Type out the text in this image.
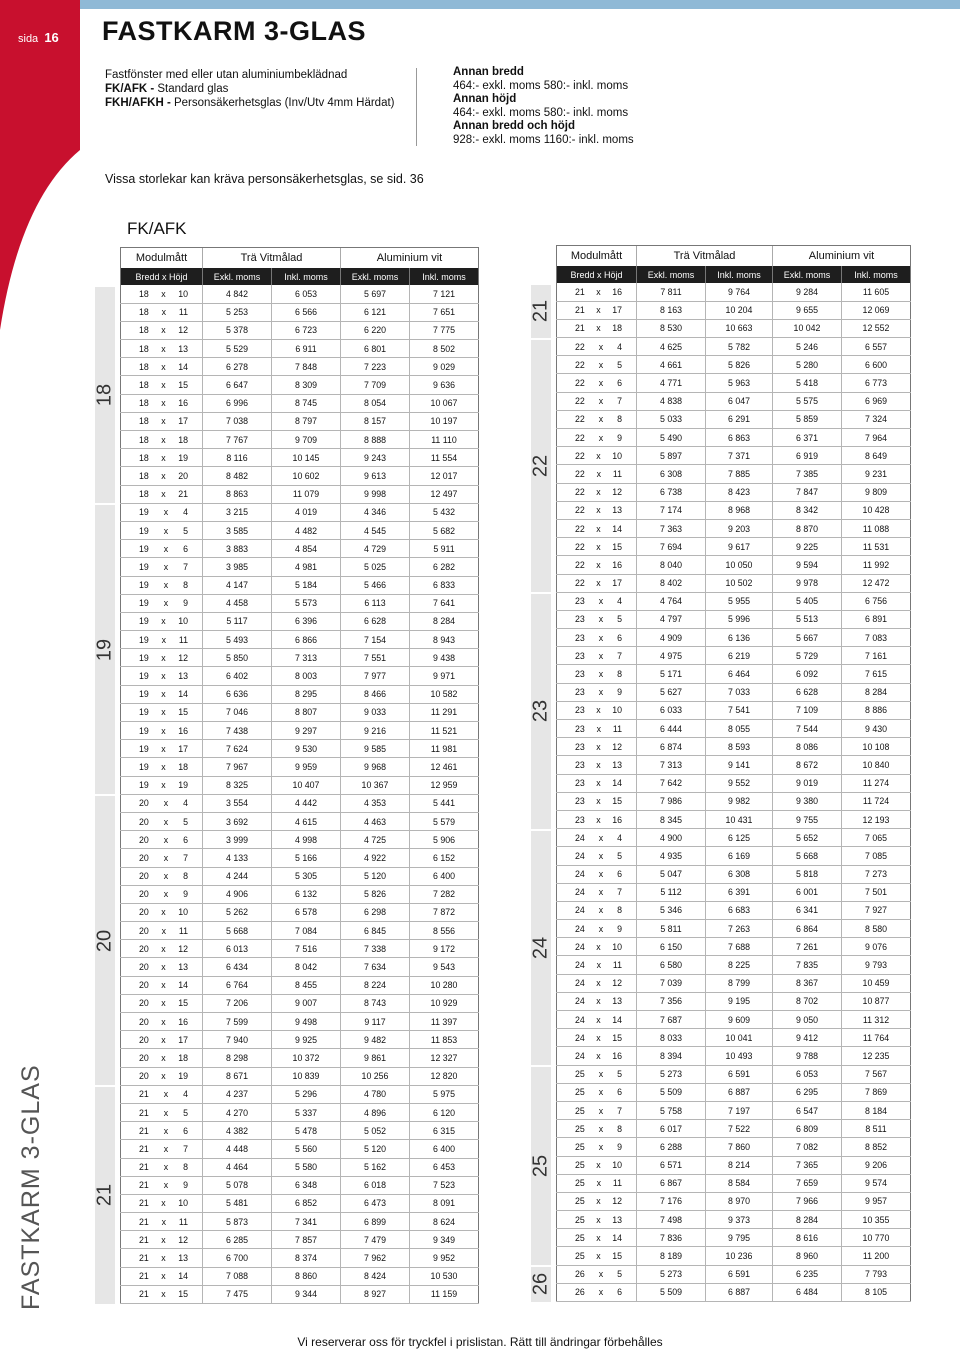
sida 16
FASTKARM 3-GLAS
FASTKARM 3-GLAS
Fastfönster med eller utan aluminiumbeklädnad
FK/AFK - Standard glas
FKH/AFKH - Personsäkerhetsglas (Inv/Utv 4mm Härdat)
Annan bredd
464:- exkl. moms 580:- inkl. moms
Annan höjd
464:- exkl. moms 580:- inkl. moms
Annan bredd och höjd
928:- exkl. moms 1160:- inkl. moms
Vissa storlekar kan kräva personsäkerhetsglas, se sid. 36
FK/AFK
18
19
20
21
21
22
23
24
25
26
Modulmått	Trä Vitmålad		Aluminium vit	
Bredd x Höjd	Exkl. moms	Inkl. moms	Exkl. moms	Inkl. moms

18 x 10	4 842	6 053	5 697	7 121

18 x 11	5 253	6 566	6 121	7 651

18 x 12	5 378	6 723	6 220	7 775

18 x 13	5 529	6 911	6 801	8 502

18 x 14	6 278	7 848	7 223	9 029

18 x 15	6 647	8 309	7 709	9 636

18 x 16	6 996	8 745	8 054	10 067

18 x 17	7 038	8 797	8 157	10 197

18 x 18	7 767	9 709	8 888	11 110

18 x 19	8 116	10 145	9 243	11 554

18 x 20	8 482	10 602	9 613	12 017

18 x 21	8 863	11 079	9 998	12 497

19 x 4	3 215	4 019	4 346	5 432

19 x 5	3 585	4 482	4 545	5 682

19 x 6	3 883	4 854	4 729	5 911

19 x 7	3 985	4 981	5 025	6 282

19 x 8	4 147	5 184	5 466	6 833

19 x 9	4 458	5 573	6 113	7 641

19 x 10	5 117	6 396	6 628	8 284

19 x 11	5 493	6 866	7 154	8 943

19 x 12	5 850	7 313	7 551	9 438

19 x 13	6 402	8 003	7 977	9 971

19 x 14	6 636	8 295	8 466	10 582

19 x 15	7 046	8 807	9 033	11 291

19 x 16	7 438	9 297	9 216	11 521

19 x 17	7 624	9 530	9 585	11 981

19 x 18	7 967	9 959	9 968	12 461

19 x 19	8 325	10 407	10 367	12 959

20 x 4	3 554	4 442	4 353	5 441

20 x 5	3 692	4 615	4 463	5 579

20 x 6	3 999	4 998	4 725	5 906

20 x 7	4 133	5 166	4 922	6 152

20 x 8	4 244	5 305	5 120	6 400

20 x 9	4 906	6 132	5 826	7 282

20 x 10	5 262	6 578	6 298	7 872

20 x 11	5 668	7 084	6 845	8 556

20 x 12	6 013	7 516	7 338	9 172

20 x 13	6 434	8 042	7 634	9 543

20 x 14	6 764	8 455	8 224	10 280

20 x 15	7 206	9 007	8 743	10 929

20 x 16	7 599	9 498	9 117	11 397

20 x 17	7 940	9 925	9 482	11 853

20 x 18	8 298	10 372	9 861	12 327

20 x 19	8 671	10 839	10 256	12 820

21 x 4	4 237	5 296	4 780	5 975

21 x 5	4 270	5 337	4 896	6 120

21 x 6	4 382	5 478	5 052	6 315

21 x 7	4 448	5 560	5 120	6 400

21 x 8	4 464	5 580	5 162	6 453

21 x 9	5 078	6 348	6 018	7 523

21 x 10	5 481	6 852	6 473	8 091

21 x 11	5 873	7 341	6 899	8 624

21 x 12	6 285	7 857	7 479	9 349

21 x 13	6 700	8 374	7 962	9 952

21 x 14	7 088	8 860	8 424	10 530

21 x 15	7 475	9 344	8 927	11 159
Modulmått	Trä Vitmålad		Aluminium vit	
Bredd x Höjd	Exkl. moms	Inkl. moms	Exkl. moms	Inkl. moms

21 x 16	7 811	9 764	9 284	11 605

21 x 17	8 163	10 204	9 655	12 069

21 x 18	8 530	10 663	10 042	12 552

22 x 4	4 625	5 782	5 246	6 557

22 x 5	4 661	5 826	5 280	6 600

22 x 6	4 771	5 963	5 418	6 773

22 x 7	4 838	6 047	5 575	6 969

22 x 8	5 033	6 291	5 859	7 324

22 x 9	5 490	6 863	6 371	7 964

22 x 10	5 897	7 371	6 919	8 649

22 x 11	6 308	7 885	7 385	9 231

22 x 12	6 738	8 423	7 847	9 809

22 x 13	7 174	8 968	8 342	10 428

22 x 14	7 363	9 203	8 870	11 088

22 x 15	7 694	9 617	9 225	11 531

22 x 16	8 040	10 050	9 594	11 992

22 x 17	8 402	10 502	9 978	12 472

23 x 4	4 764	5 955	5 405	6 756

23 x 5	4 797	5 996	5 513	6 891

23 x 6	4 909	6 136	5 667	7 083

23 x 7	4 975	6 219	5 729	7 161

23 x 8	5 171	6 464	6 092	7 615

23 x 9	5 627	7 033	6 628	8 284

23 x 10	6 033	7 541	7 109	8 886

23 x 11	6 444	8 055	7 544	9 430

23 x 12	6 874	8 593	8 086	10 108

23 x 13	7 313	9 141	8 672	10 840

23 x 14	7 642	9 552	9 019	11 274

23 x 15	7 986	9 982	9 380	11 724

23 x 16	8 345	10 431	9 755	12 193

24 x 4	4 900	6 125	5 652	7 065

24 x 5	4 935	6 169	5 668	7 085

24 x 6	5 047	6 308	5 818	7 273

24 x 7	5 112	6 391	6 001	7 501

24 x 8	5 346	6 683	6 341	7 927

24 x 9	5 811	7 263	6 864	8 580

24 x 10	6 150	7 688	7 261	9 076

24 x 11	6 580	8 225	7 835	9 793

24 x 12	7 039	8 799	8 367	10 459

24 x 13	7 356	9 195	8 702	10 877

24 x 14	7 687	9 609	9 050	11 312

24 x 15	8 033	10 041	9 412	11 764

24 x 16	8 394	10 493	9 788	12 235

25 x 5	5 273	6 591	6 053	7 567

25 x 6	5 509	6 887	6 295	7 869

25 x 7	5 758	7 197	6 547	8 184

25 x 8	6 017	7 522	6 809	8 511

25 x 9	6 288	7 860	7 082	8 852

25 x 10	6 571	8 214	7 365	9 206

25 x 11	6 867	8 584	7 659	9 574

25 x 12	7 176	8 970	7 966	9 957

25 x 13	7 498	9 373	8 284	10 355

25 x 14	7 836	9 795	8 616	10 770

25 x 15	8 189	10 236	8 960	11 200

26 x 5	5 273	6 591	6 235	7 793

26 x 6	5 509	6 887	6 484	8 105
Vi reserverar oss för tryckfel i prislistan. Rätt till ändringar förbehålles
